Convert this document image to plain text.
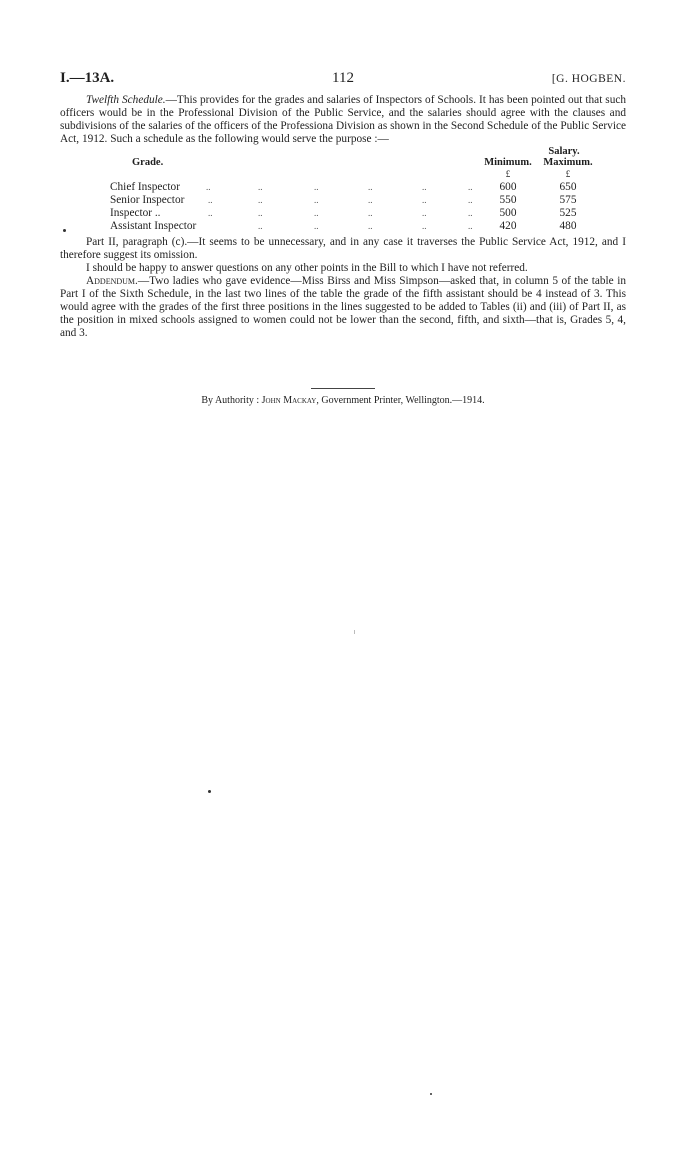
I.—13A.	112	[G. HOGBEN.

Twelfth Schedule.—This provides for the grades and salaries of Inspectors of Schools. It has been pointed out that such officers would be in the Professional Division of the Public Service, and the salaries should agree with the clauses and subdivisions of the salaries of the officers of the Professiona Division as shown in the Second Schedule of the Public Service Act, 1912. Such a schedule as the following would serve the purpose :—

Salary.
Grade.	Minimum.	Maximum.
£	£
Chief Inspector	..	..	..	..	..	..	600	650
Senior Inspector	..	..	..	..	..	..	550	575
Inspector ..	..	..	..	..	..	..	500	525
Assistant Inspector	..	..	..	..	..	420	480

Part II, paragraph (c).—It seems to be unnecessary, and in any case it traverses the Public Service Act, 1912, and I therefore suggest its omission.

I should be happy to answer questions on any other points in the Bill to which I have not referred.

Addendum.—Two ladies who gave evidence—Miss Birss and Miss Simpson—asked that, in column 5 of the table in Part I of the Sixth Schedule, in the last two lines of the table the grade of the fifth assistant should be 4 instead of 3. This would agree with the grades of the first three positions in the lines suggested to be added to Tables (ii) and (iii) of Part II, as the position in mixed schools assigned to women could not be lower than the second, fifth, and sixth—that is, Grades 5, 4, and 3.

By Authority : John Mackay, Government Printer, Wellington.—1914.
